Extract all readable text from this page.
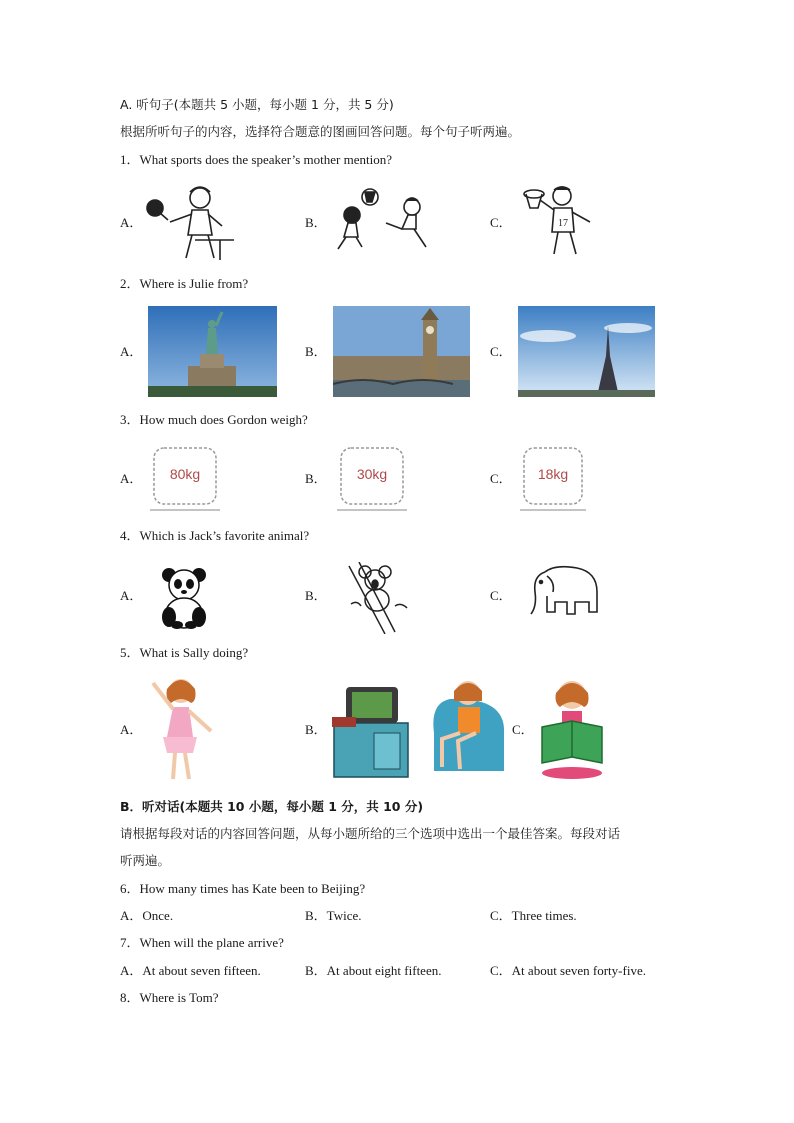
A. 听句子(本题共 5 小题，每小题 1 分，共 5 分)
根据所听句子的内容，选择符合题意的图画回答问题。每个句子听两遍。
1．What sports does the speaker’s mother mention?
A．	B．	C．	17
2．Where is Julie from?
A．	B．	C．
3．How much does Gordon weigh?
A．	B．	C．
80kg	30kg	18kg
4．Which is Jack’s favorite animal?
A．	B．	C．
5．What is Sally doing?
A．	B．	C．
B．听对话(本题共 10 小题，每小题 1 分，共 10 分)
请根据每段对话的内容回答问题，从每小题所给的三个选项中选出一个最佳答案。每段对话
听两遍。
6．How many times has Kate been to Beijing?
A．Once.	B．Twice.	C．Three times.
7．When will the plane arrive?
A．At about seven fifteen.	B．At about eight fifteen.	C．At about seven forty-five.
8．Where is Tom?
